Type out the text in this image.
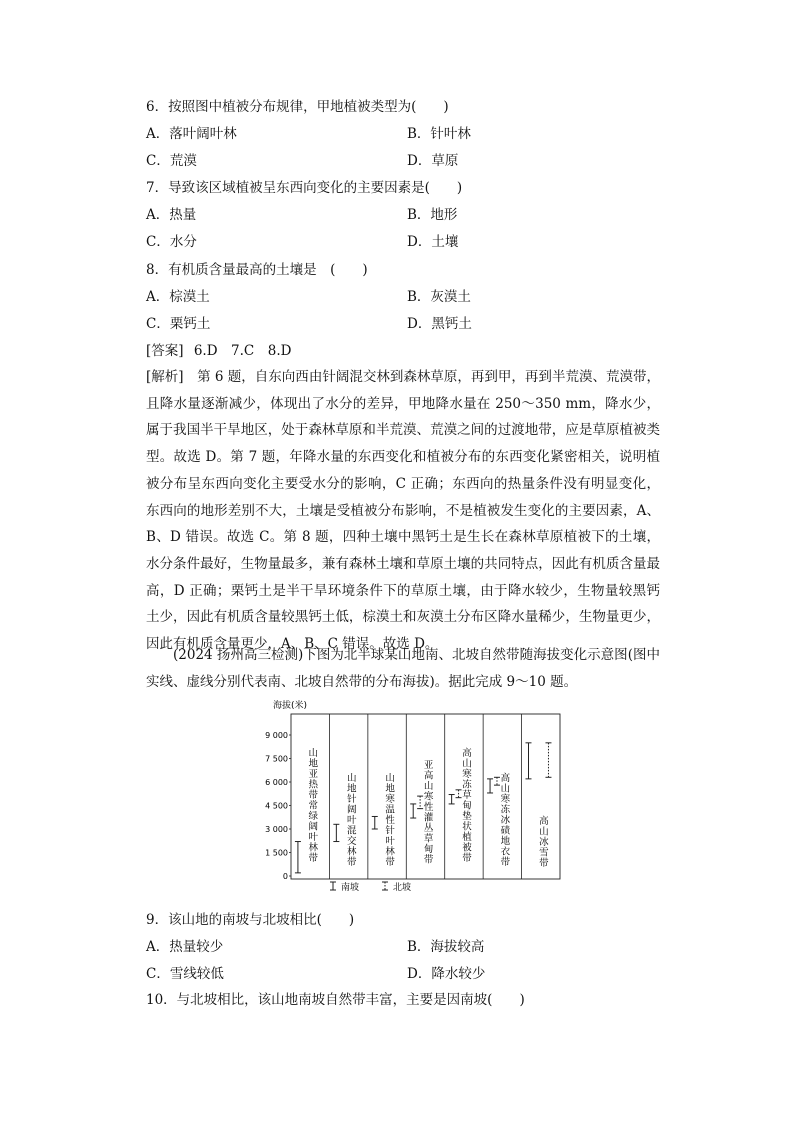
6．按照图中植被分布规律，甲地植被类型为(　　)
A．落叶阔叶林	B．针叶林
C．荒漠	D．草原
7．导致该区域植被呈东西向变化的主要因素是(　　)
A．热量	B．地形
C．水分	D．土壤
8．有机质含量最高的土壤是　(　　)
A．棕漠土	B．灰漠土
C．栗钙土	D．黑钙土
[答案] 6.D　7.C　8.D
[解析]　 第 6 题，自东向西由针阔混交林到森林草原，再到甲，再到半荒漠、荒漠带，且降水量逐渐减少，体现出了水分的差异，甲地降水量在 250～350 mm，降水少，属于我国半干旱地区，处于森林草原和半荒漠、荒漠之间的过渡地带，应是草原植被类型。故选 D。第 7 题，年降水量的东西变化和植被分布的东西变化紧密相关，说明植被分布呈东西向变化主要受水分的影响，C 正确；东西向的热量条件没有明显变化，东西向的地形差别不大，土壤是受植被分布影响，不是植被发生变化的主要因素，A、B、D 错误。故选 C。第 8 题，四种土壤中黑钙土是生长在森林草原植被下的土壤，水分条件最好，生物量最多，兼有森林土壤和草原土壤的共同特点，因此有机质含量最高，D 正确；栗钙土是半干旱环境条件下的草原土壤，由于降水较少，生物量较黑钙土少，因此有机质含量较黑钙土低，棕漠土和灰漠土分布区降水量稀少，生物量更少，因此有机质含量更少，A、B、C 错误。故选 D。
(2024 扬州高三检测)下图为北半球某山地南、北坡自然带随海拔变化示意图(图中实线、虚线分别代表南、北坡自然带的分布海拔)。据此完成 9～10 题。
海拔(米)
9 000
7 500
6 000
4 500
3 000
1 500
0
山地亚热带常绿阔叶林带
山地针阔叶混交林带
山地寒温性针叶林带
亚高山寒性灌丛草甸带
高山寒冻草甸垫状植被带
高山寒冻冰碛地衣带
高山冰雪带
南坡	北坡
9．该山地的南坡与北坡相比(　　)
A．热量较少	B．海拔较高
C．雪线较低	D．降水较少
10．与北坡相比，该山地南坡自然带丰富，主要是因南坡(　　)
